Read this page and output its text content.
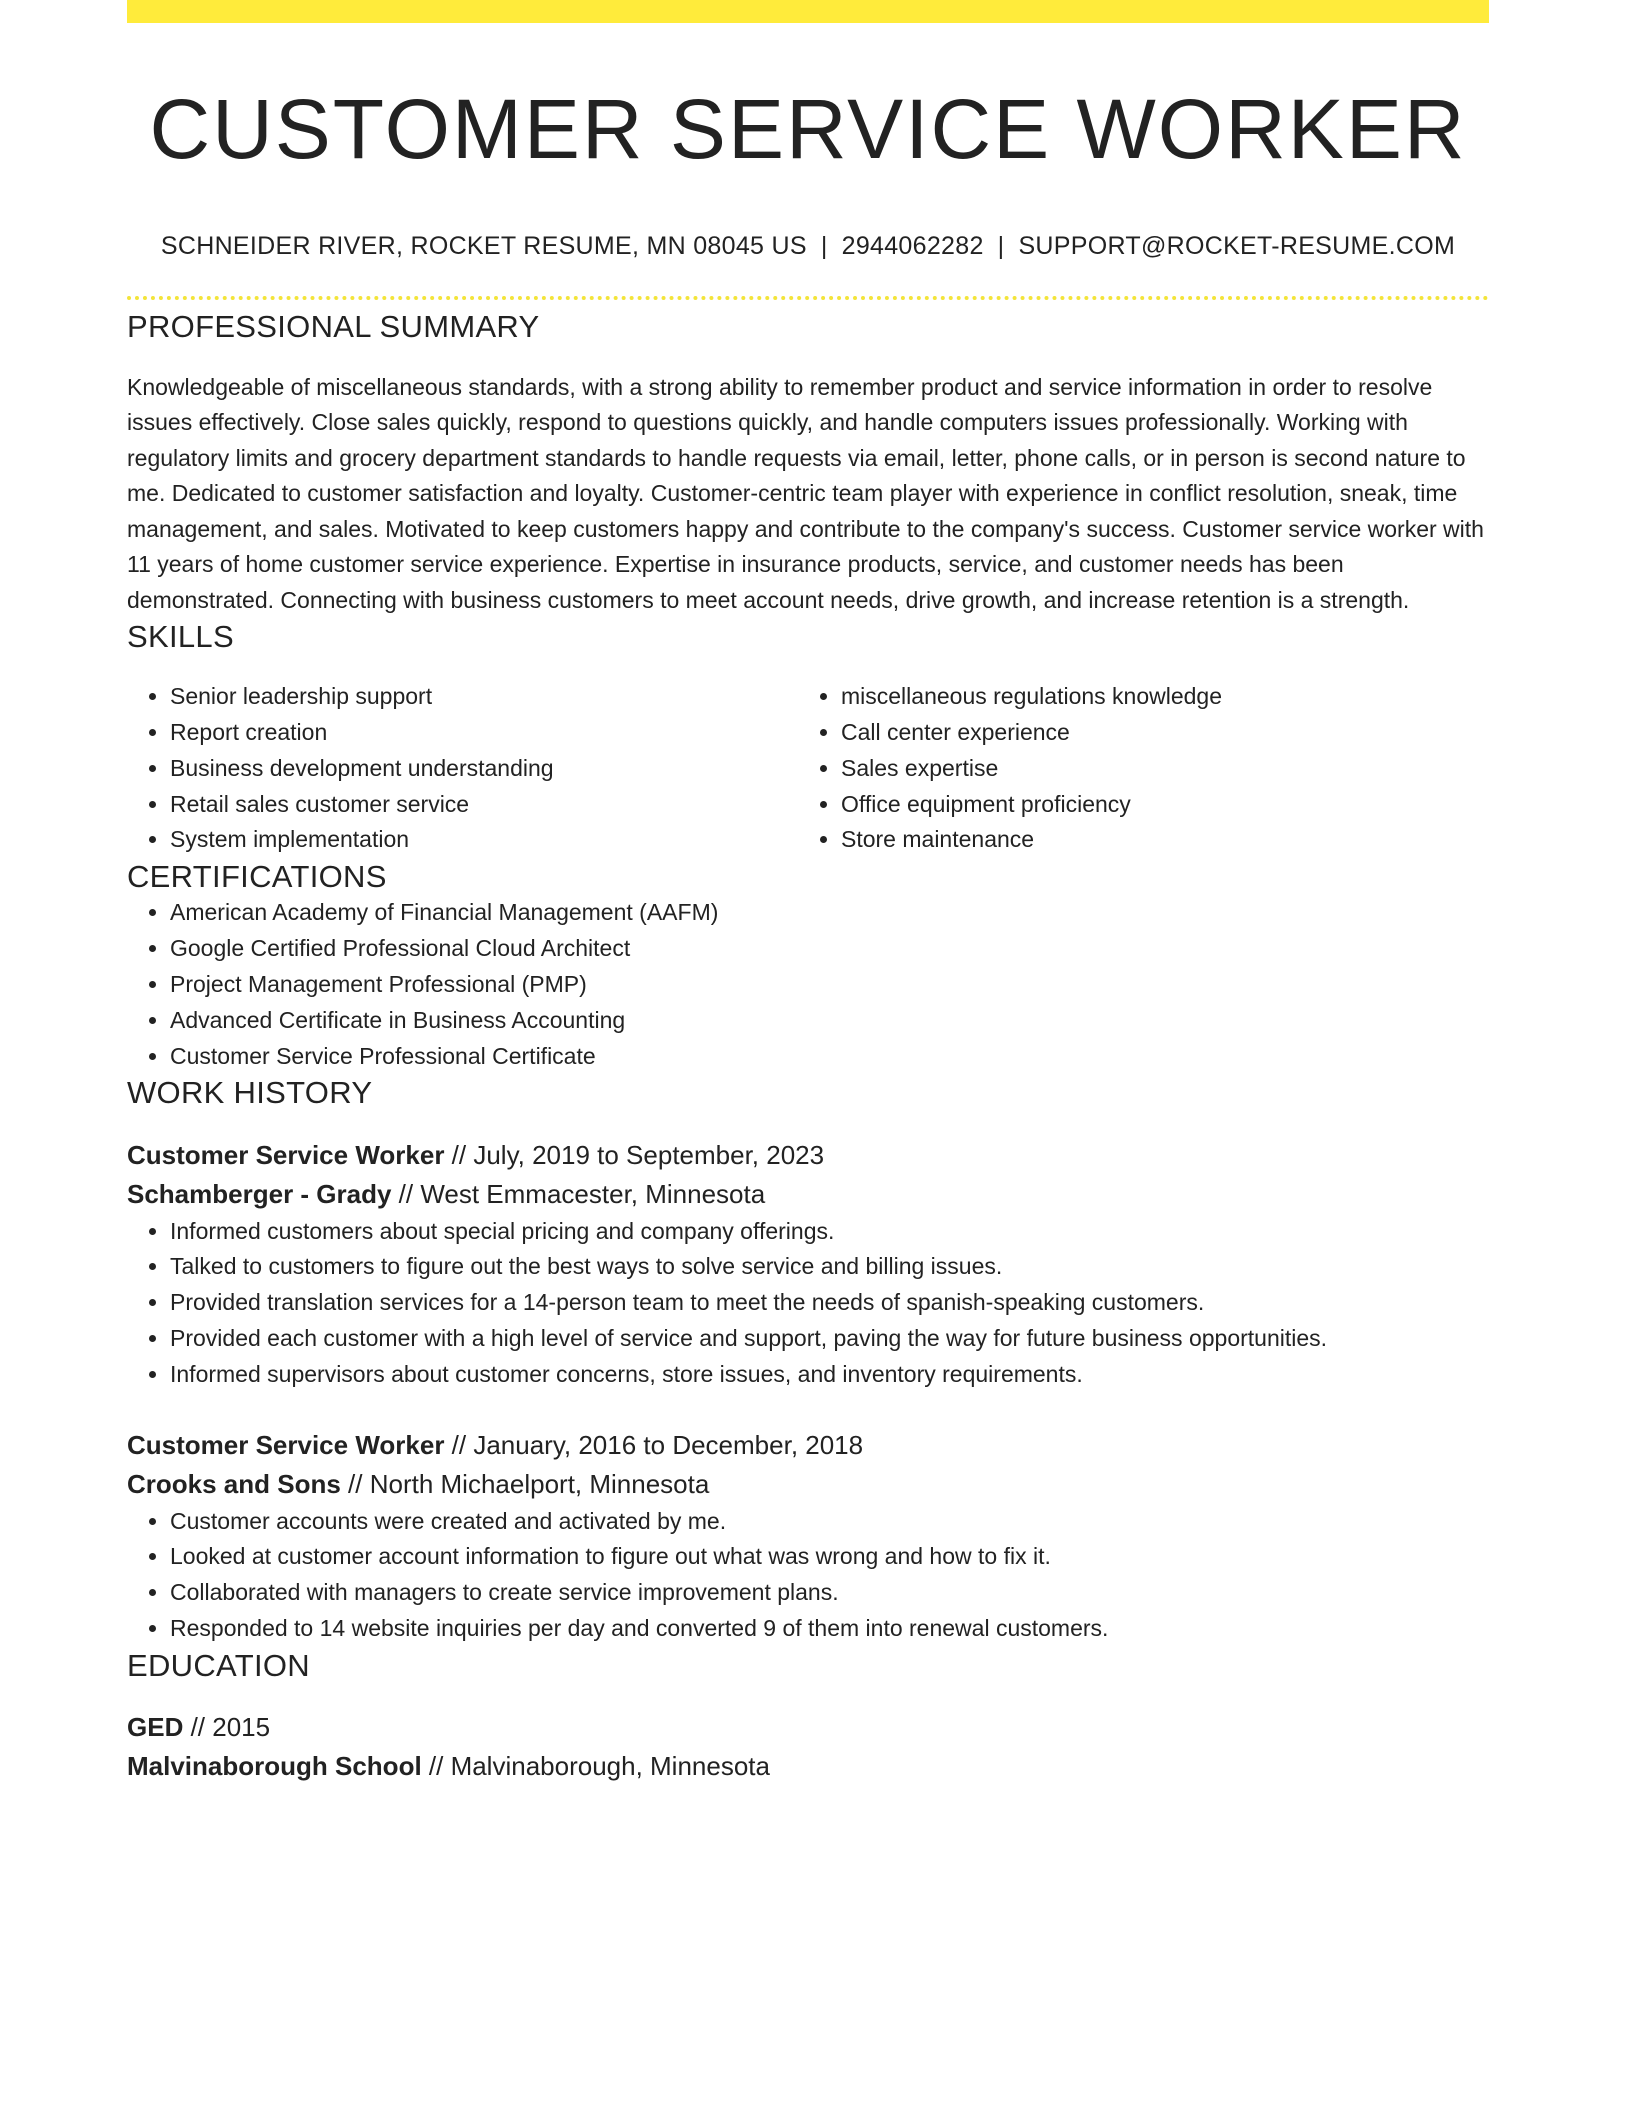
CUSTOMER SERVICE WORKER
SCHNEIDER RIVER, ROCKET RESUME, MN 08045 US | 2944062282 | SUPPORT@ROCKET-RESUME.COM
PROFESSIONAL SUMMARY

Knowledgeable of miscellaneous standards, with a strong ability to remember product and service information in order to resolve issues effectively. Close sales quickly, respond to questions quickly, and handle computers issues professionally. Working with regulatory limits and grocery department standards to handle requests via email, letter, phone calls, or in person is second nature to me. Dedicated to customer satisfaction and loyalty. Customer-centric team player with experience in conflict resolution, sneak, time management, and sales. Motivated to keep customers happy and contribute to the company's success. Customer service worker with 11 years of home customer service experience. Expertise in insurance products, service, and customer needs has been demonstrated. Connecting with business customers to meet account needs, drive growth, and increase retention is a strength.

SKILLS
• Senior leadership support
• Report creation
• Business development understanding
• Retail sales customer service
• System implementation
• miscellaneous regulations knowledge
• Call center experience
• Sales expertise
• Office equipment proficiency
• Store maintenance
CERTIFICATIONS
• American Academy of Financial Management (AAFM)
• Google Certified Professional Cloud Architect
• Project Management Professional (PMP)
• Advanced Certificate in Business Accounting
• Customer Service Professional Certificate
WORK HISTORY
Customer Service Worker // July, 2019 to September, 2023
Schamberger - Grady // West Emmacester, Minnesota
• Informed customers about special pricing and company offerings.
• Talked to customers to figure out the best ways to solve service and billing issues.
• Provided translation services for a 14-person team to meet the needs of spanish-speaking customers.
• Provided each customer with a high level of service and support, paving the way for future business opportunities.
• Informed supervisors about customer concerns, store issues, and inventory requirements.
Customer Service Worker // January, 2016 to December, 2018
Crooks and Sons // North Michaelport, Minnesota
• Customer accounts were created and activated by me.
• Looked at customer account information to figure out what was wrong and how to fix it.
• Collaborated with managers to create service improvement plans.
• Responded to 14 website inquiries per day and converted 9 of them into renewal customers.
EDUCATION
GED // 2015
Malvinaborough School // Malvinaborough, Minnesota
